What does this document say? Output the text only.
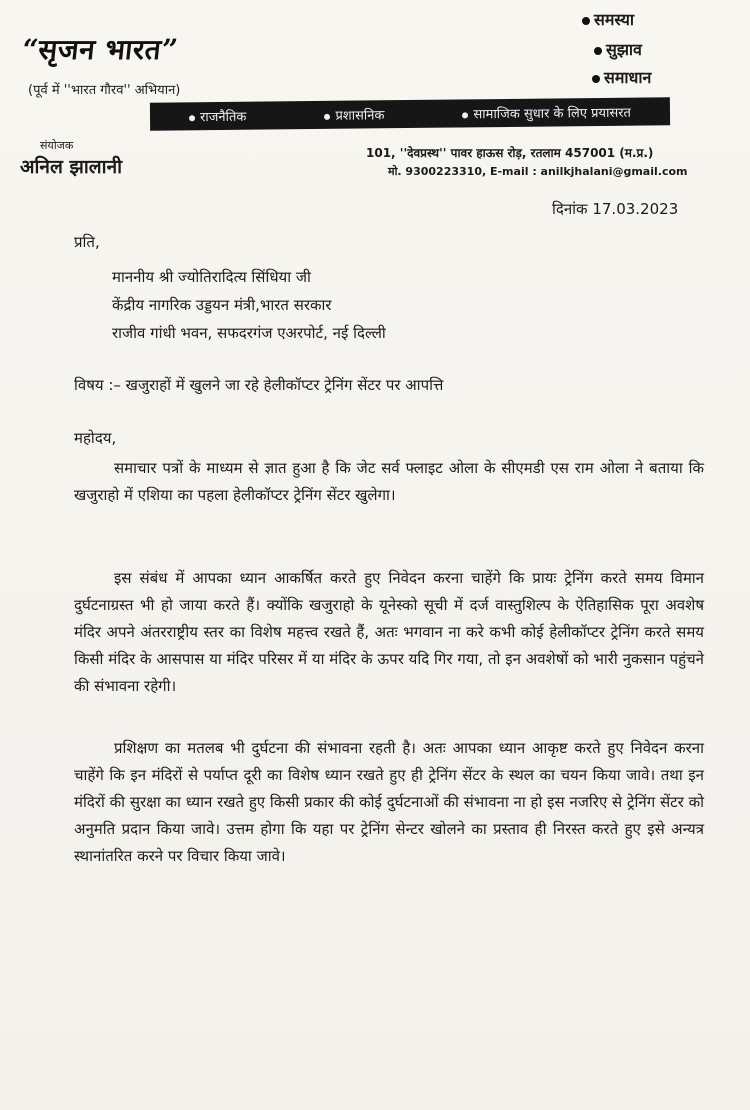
“सृजन भारत”
(पूर्व में ''भारत गौरव'' अभियान)
समस्या
सुझाव
समाधान
राजनैतिक	प्रशासनिक	सामाजिक सुधार के लिए प्रयासरत
संयोजक
अनिल झालानी
101, ''देवप्रस्थ'' पावर हाऊस रोड़, रतलाम 457001 (म.प्र.)
मो. 9300223310, E-mail : anilkjhalani@gmail.com
दिनांक 17.03.2023
प्रति,
माननीय श्री ज्योतिरादित्य सिंधिया जी
केंद्रीय नागरिक उड्डयन मंत्री,भारत सरकार
राजीव गांधी भवन, सफदरगंज एअरपोर्ट, नई दिल्ली
विषय :– खजुराहों में खुलने जा रहे हेलीकॉप्टर ट्रेनिंग सेंटर पर आपत्ति
महोदय,
समाचार पत्रों के माध्यम से ज्ञात हुआ है कि जेट सर्व फ्लाइट ओला के सीएमडी एस राम ओला ने बताया कि खजुराहो में एशिया का पहला हेलीकॉप्टर ट्रेनिंग सेंटर खुलेगा।
इस संबंध में आपका ध्यान आकर्षित करते हुए निवेदन करना चाहेंगे कि प्रायः ट्रेनिंग करते समय विमान दुर्घटनाग्रस्त भी हो जाया करते हैं। क्योंकि खजुराहो के यूनेस्को सूची में दर्ज वास्तुशिल्प के ऐतिहासिक पूरा अवशेष मंदिर अपने अंतरराष्ट्रीय स्तर का विशेष महत्त्व रखते हैं, अतः भगवान ना करे कभी कोई हेलीकॉप्टर ट्रेनिंग करते समय किसी मंदिर के आसपास या मंदिर परिसर में या मंदिर के ऊपर यदि गिर गया, तो इन अवशेषों को भारी नुकसान पहुंचने की संभावना रहेगी।
प्रशिक्षण का मतलब भी दुर्घटना की संभावना रहती है। अतः आपका ध्यान आकृष्ट करते हुए निवेदन करना चाहेंगे कि इन मंदिरों से पर्याप्त दूरी का विशेष ध्यान रखते हुए ही ट्रेनिंग सेंटर के स्थल का चयन किया जावे। तथा इन मंदिरों की सुरक्षा का ध्यान रखते हुए किसी प्रकार की कोई दुर्घटनाओं की संभावना ना हो इस नजरिए से ट्रेनिंग सेंटर को अनुमति प्रदान किया जावे। उत्तम होगा कि यहा पर ट्रेनिंग सेन्टर खोलने का प्रस्ताव ही निरस्त करते हुए इसे अन्यत्र स्थानांतरित करने पर विचार किया जावे।
